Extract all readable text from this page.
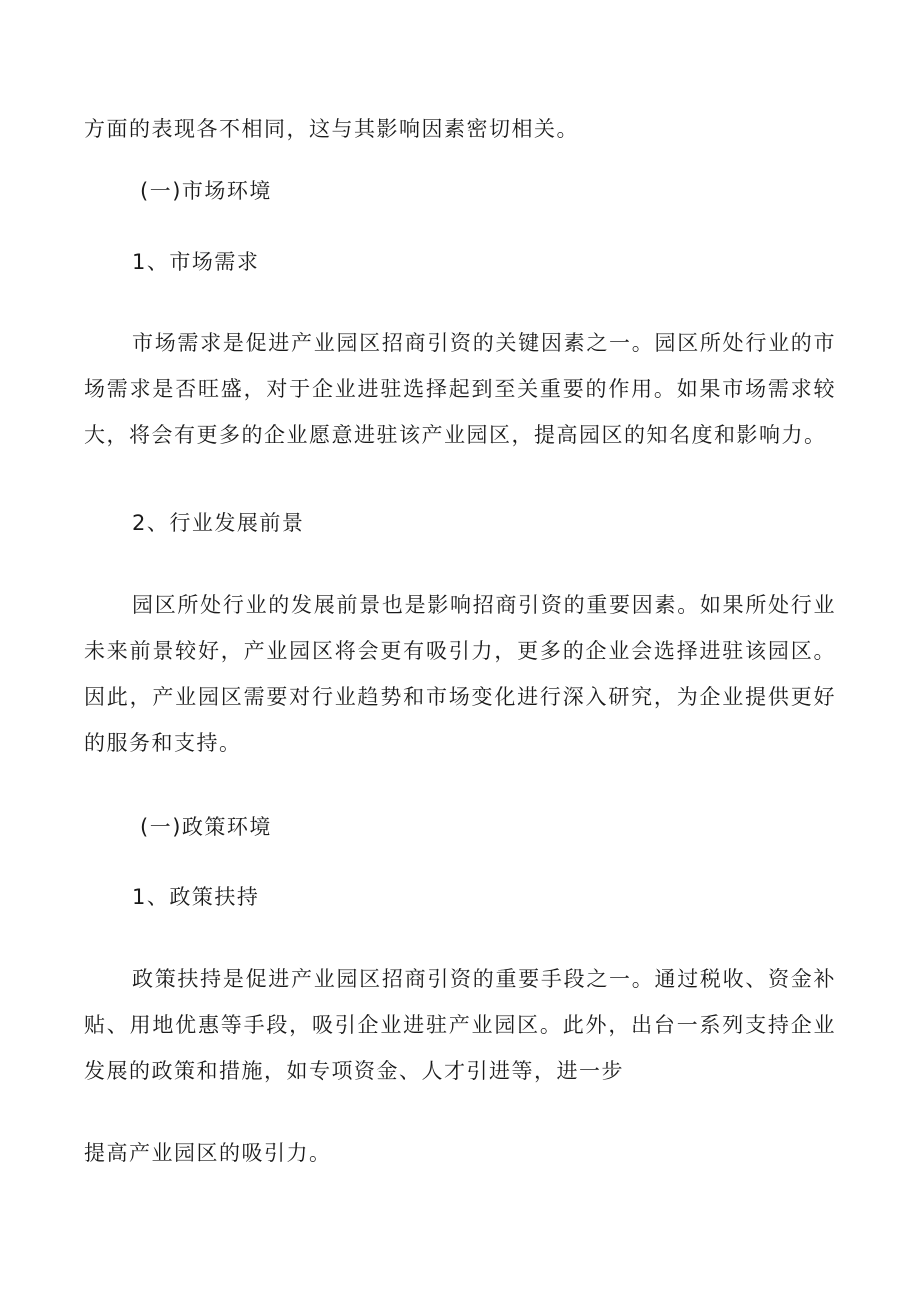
方面的表现各不相同，这与其影响因素密切相关。
(一)市场环境
1、市场需求
市场需求是促进产业园区招商引资的关键因素之一。园区所处行业的市场需求是否旺盛，对于企业进驻选择起到至关重要的作用。如果市场需求较大，将会有更多的企业愿意进驻该产业园区，提高园区的知名度和影响力。
2、行业发展前景
园区所处行业的发展前景也是影响招商引资的重要因素。如果所处行业未来前景较好，产业园区将会更有吸引力，更多的企业会选择进驻该园区。因此，产业园区需要对行业趋势和市场变化进行深入研究，为企业提供更好的服务和支持。
(一)政策环境
1、政策扶持
政策扶持是促进产业园区招商引资的重要手段之一。通过税收、资金补贴、用地优惠等手段，吸引企业进驻产业园区。此外，出台一系列支持企业发展的政策和措施，如专项资金、人才引进等，进一步
提高产业园区的吸引力。
